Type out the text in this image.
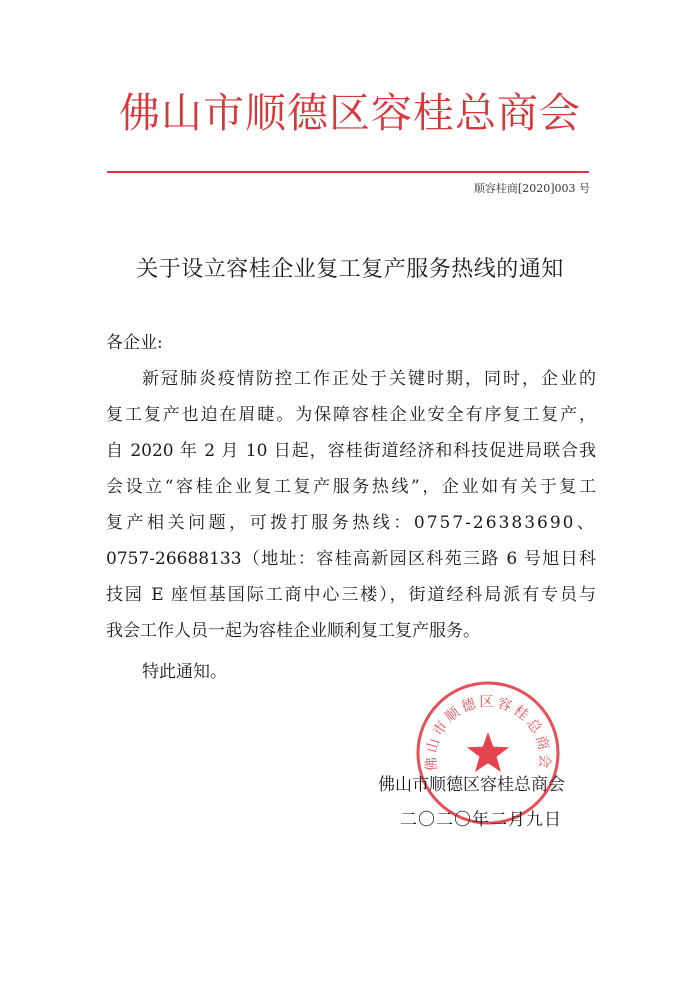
佛山市顺德区容桂总商会
顺容桂商[2020]003 号
关于设立容桂企业复工复产服务热线的通知
各企业:
新冠肺炎疫情防控工作正处于关键时期，同时，企业的
复工复产也迫在眉睫。为保障容桂企业安全有序复工复产，
自 2020 年 2 月 10 日起，容桂街道经济和科技促进局联合我
会设立“容桂企业复工复产服务热线”，企业如有关于复工
复产相关问题，可拨打服务热线：0757-26383690、
0757-26688133（地址：容桂高新园区科苑三路 6 号旭日科
技园 E 座恒基国际工商中心三楼），街道经科局派有专员与
我会工作人员一起为容桂企业顺利复工复产服务。
特此通知。
佛山市顺德区容桂总商会
佛山市顺德区容桂总商会
二〇二〇年二月九日
